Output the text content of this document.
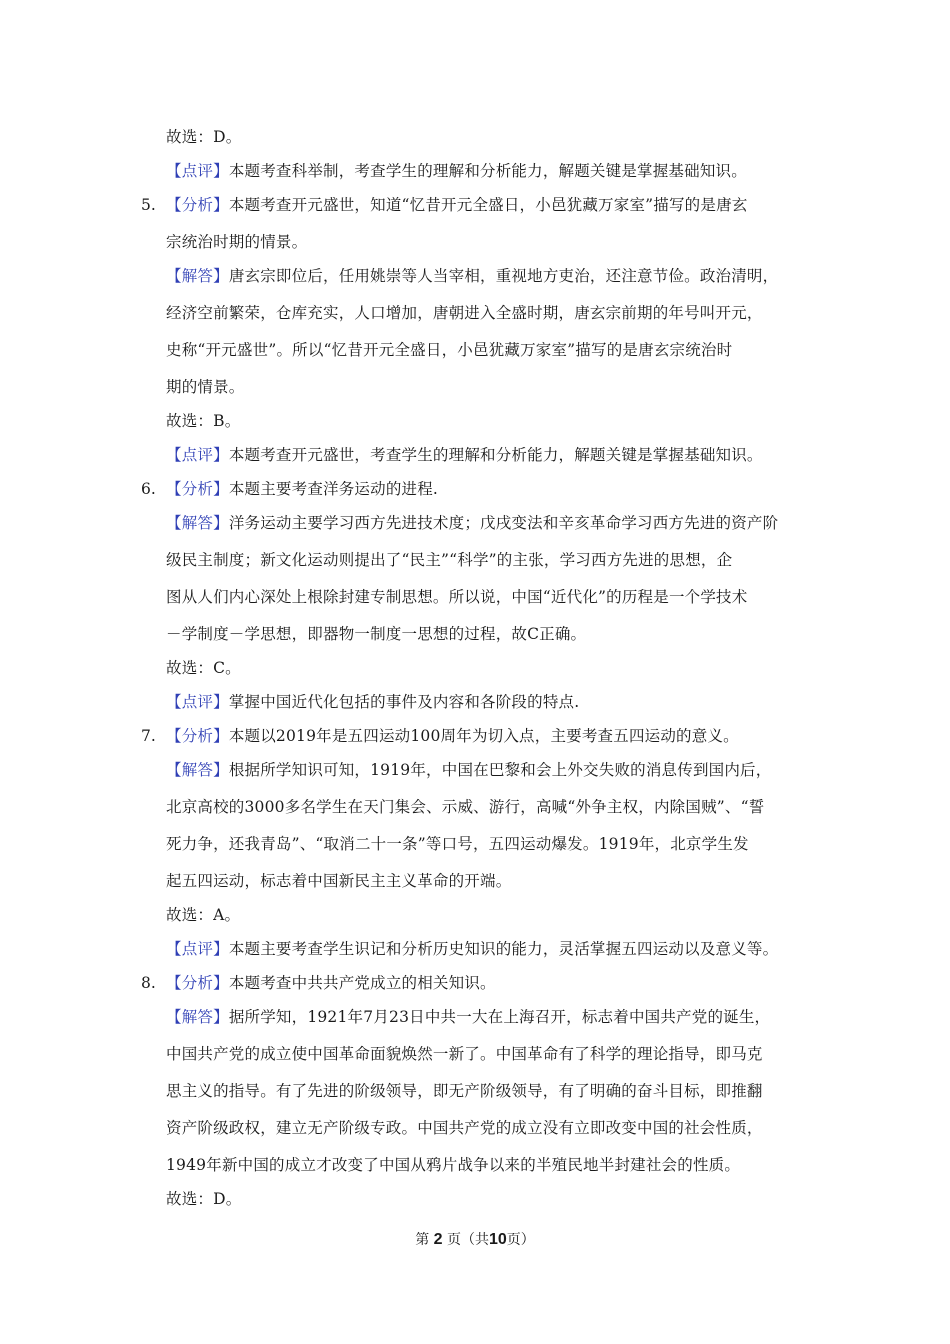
故选：D。
【点评】本题考查科举制，考查学生的理解和分析能力，解题关键是掌握基础知识。
5. 【分析】本题考查开元盛世，知道“忆昔开元全盛日，小邑犹藏万家室”描写的是唐玄
宗统治时期的情景。
【解答】唐玄宗即位后，任用姚崇等人当宰相，重视地方吏治，还注意节俭。政治清明，
经济空前繁荣，仓库充实，人口增加，唐朝进入全盛时期，唐玄宗前期的年号叫开元，
史称“开元盛世”。所以“忆昔开元全盛日，小邑犹藏万家室”描写的是唐玄宗统治时
期的情景。
故选：B。
【点评】本题考查开元盛世，考查学生的理解和分析能力，解题关键是掌握基础知识。
6. 【分析】本题主要考查洋务运动的进程.
【解答】洋务运动主要学习西方先进技术度；戊戌变法和辛亥革命学习西方先进的资产阶
级民主制度；新文化运动则提出了“民主”“科学”的主张，学习西方先进的思想，企
图从人们内心深处上根除封建专制思想。所以说，中国“近代化”的历程是一个学技术
－学制度－学思想，即器物一制度一思想的过程，故C正确。
故选：C。
【点评】掌握中国近代化包括的事件及内容和各阶段的特点.
7. 【分析】本题以2019年是五四运动100周年为切入点，主要考查五四运动的意义。
【解答】根据所学知识可知，1919年，中国在巴黎和会上外交失败的消息传到国内后，
北京高校的3000多名学生在天门集会、示威、游行，高喊“外争主权，内除国贼”、“誓
死力争，还我青岛”、“取消二十一条”等口号，五四运动爆发。1919年，北京学生发
起五四运动，标志着中国新民主主义革命的开端。
故选：A。
【点评】本题主要考查学生识记和分析历史知识的能力，灵活掌握五四运动以及意义等。
8. 【分析】本题考查中共共产党成立的相关知识。
【解答】据所学知，1921年7月23日中共一大在上海召开，标志着中国共产党的诞生，
中国共产党的成立使中国革命面貌焕然一新了。中国革命有了科学的理论指导，即马克
思主义的指导。有了先进的阶级领导，即无产阶级领导，有了明确的奋斗目标，即推翻
资产阶级政权，建立无产阶级专政。中国共产党的成立没有立即改变中国的社会性质，
1949年新中国的成立才改变了中国从鸦片战争以来的半殖民地半封建社会的性质。
故选：D。
第 2 页（共10页）
